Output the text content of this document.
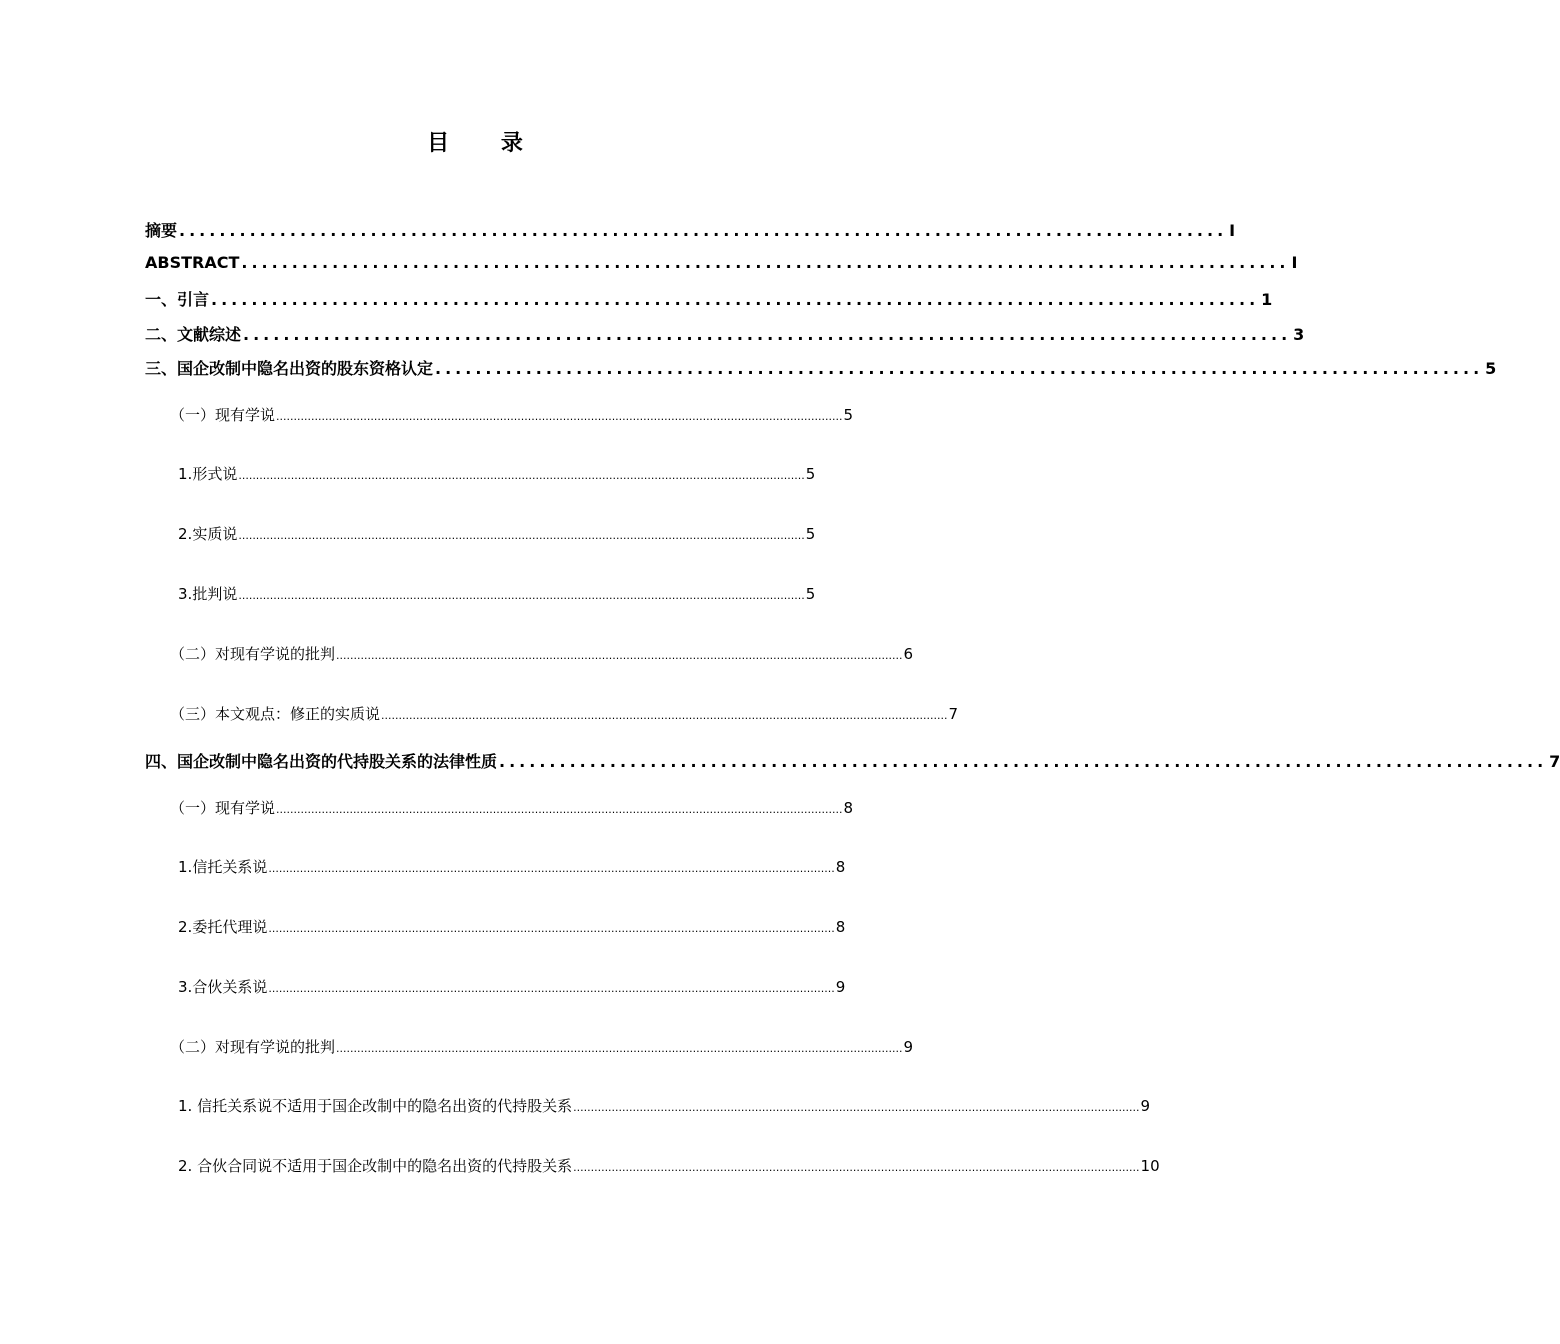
目 录
摘要 ........................................................................................................ I
ABSTRACT ........................................................................................................ I
一、引言 ........................................................................................................ 1
二、文献综述 ........................................................................................................ 3
三、国企改制中隐名出资的股东资格认定 ........................................................................................................ 5
（一）现有学说 .................................................................................................................................................................. 5
1. 形式说 .................................................................................................................................................................. 5
2. 实质说 .................................................................................................................................................................. 5
3. 批判说 .................................................................................................................................................................. 5
（二）对现有学说的批判 .................................................................................................................................................................. 6
（三）本文观点：修正的实质说 .................................................................................................................................................................. 7
四、国企改制中隐名出资的代持股关系的法律性质 ........................................................................................................ 7
（一）现有学说 .................................................................................................................................................................. 8
1. 信托关系说 .................................................................................................................................................................. 8
2. 委托代理说 .................................................................................................................................................................. 8
3. 合伙关系说 .................................................................................................................................................................. 9
（二）对现有学说的批判 .................................................................................................................................................................. 9
1. 信托关系说不适用于国企改制中的隐名出资的代持股关系 .................................................................................................................................................................. 9
2. 合伙合同说不适用于国企改制中的隐名出资的代持股关系 .................................................................................................................................................................. 10
